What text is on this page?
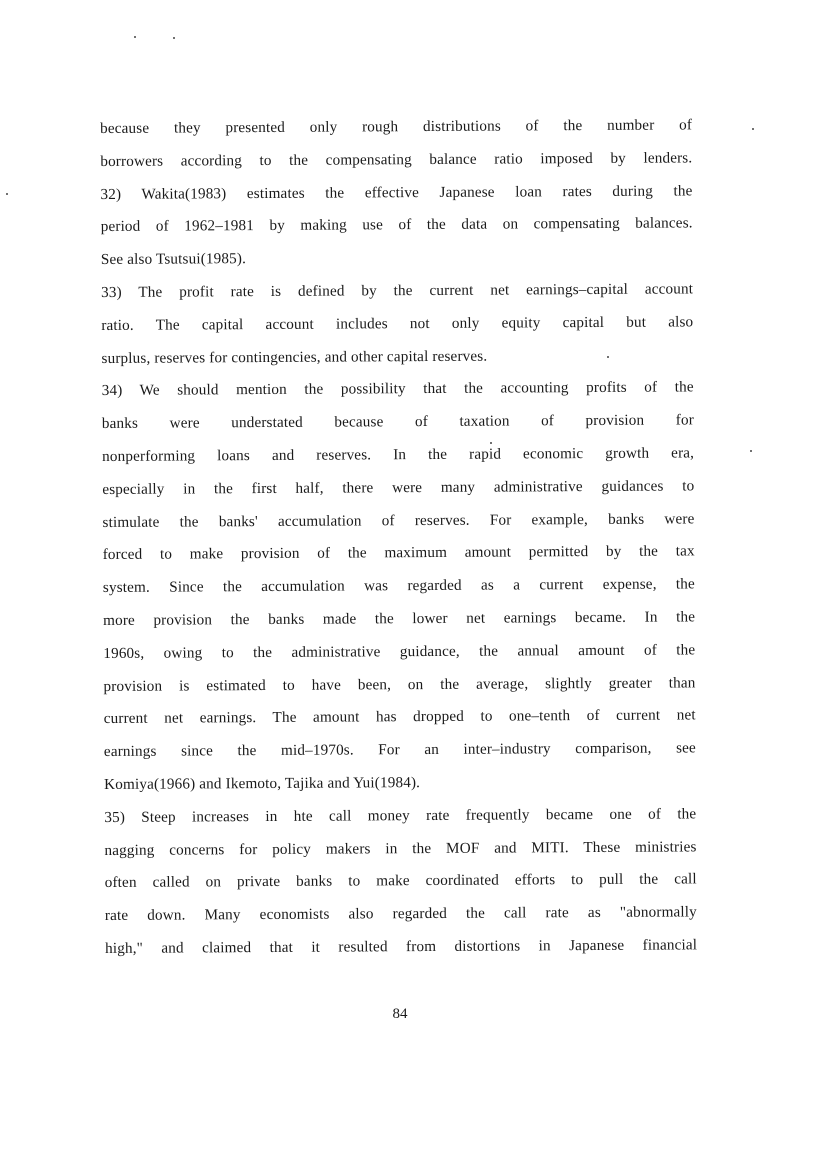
because they presented only rough distributions of the number of
borrowers according to the compensating balance ratio imposed by lenders.
32) Wakita(1983) estimates the effective Japanese loan rates during the
period of 1962–1981 by making use of the data on compensating balances.
See also Tsutsui(1985).
33) The profit rate is defined by the current net earnings–capital account
ratio. The capital account includes not only equity capital but also
surplus, reserves for contingencies, and other capital reserves.
34) We should mention the possibility that the accounting profits of the
banks were understated because of taxation of provision for
nonperforming loans and reserves. In the rapid economic growth era,
especially in the first half, there were many administrative guidances to
stimulate the banks' accumulation of reserves. For example, banks were
forced to make provision of the maximum amount permitted by the tax
system. Since the accumulation was regarded as a current expense, the
more provision the banks made the lower net earnings became. In the
1960s, owing to the administrative guidance, the annual amount of the
provision is estimated to have been, on the average, slightly greater than
current net earnings. The amount has dropped to one–tenth of current net
earnings since the mid–1970s. For an inter–industry comparison, see
Komiya(1966) and Ikemoto, Tajika and Yui(1984).
35) Steep increases in hte call money rate frequently became one of the
nagging concerns for policy makers in the MOF and MITI. These ministries
often called on private banks to make coordinated efforts to pull the call
rate down. Many economists also regarded the call rate as "abnormally
high," and claimed that it resulted from distortions in Japanese financial
84
